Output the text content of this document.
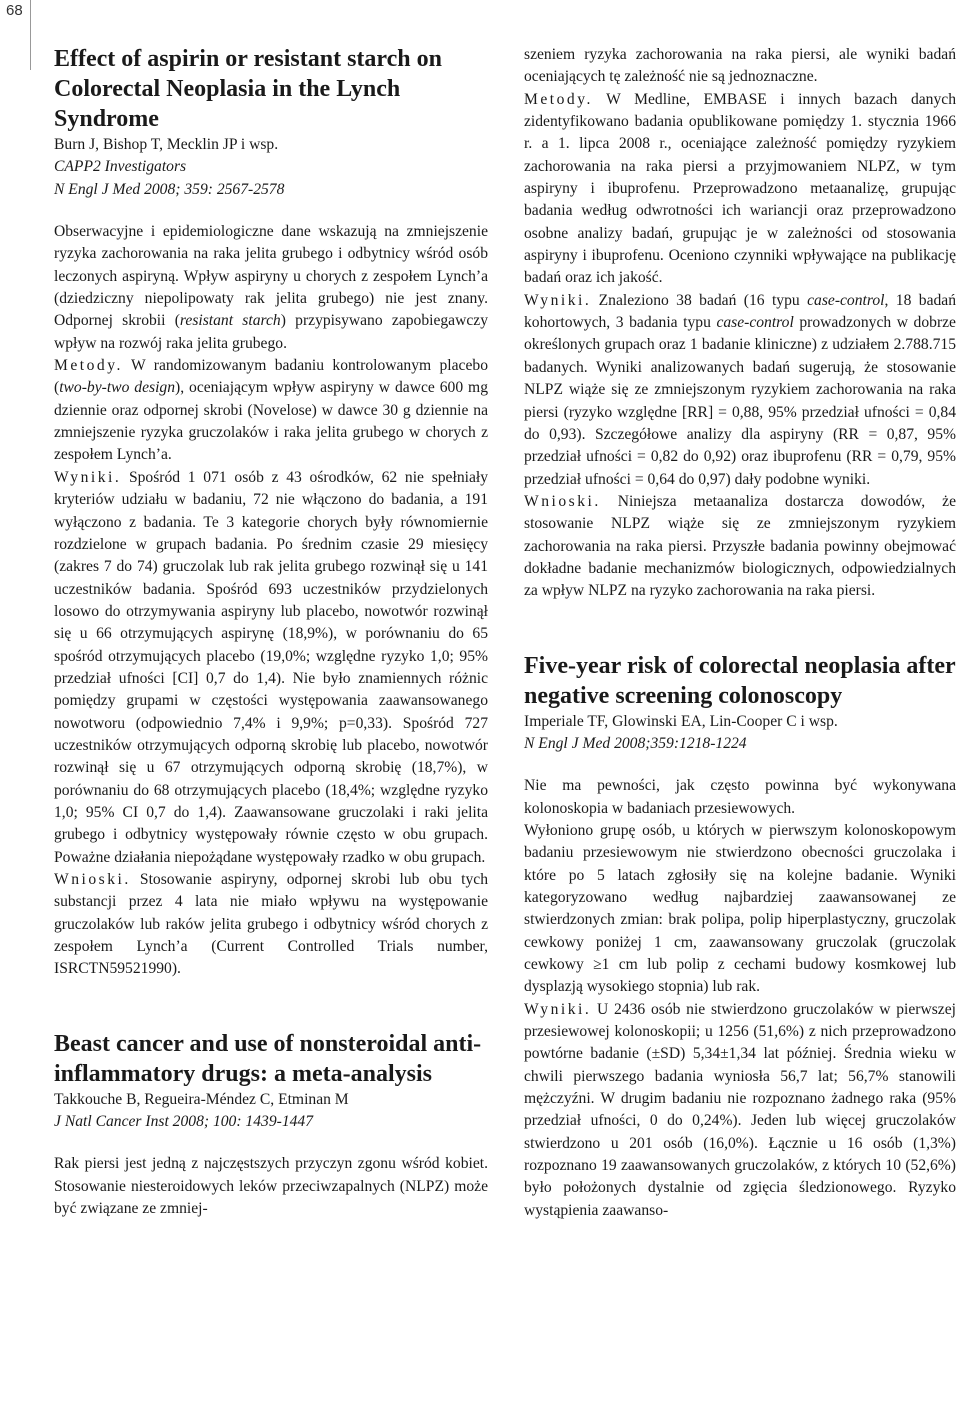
68
Effect of aspirin or resistant starch on Colorectal Neoplasia in the Lynch Syndrome

Burn J, Bishop T, Mecklin JP i wsp.

CAPP2 Investigators

N Engl J Med 2008; 359: 2567-2578

Obserwacyjne i epidemiologiczne dane wskazują na zmniejszenie ryzyka zachorowania na raka jelita grubego i odbytnicy wśród osób leczonych aspiryną. Wpływ aspiryny u chorych z zespołem Lynch’a (dziedziczny niepolipowaty rak jelita grubego) nie jest znany. Odpornej skrobii (resistant starch) przypisywano zapobiegawczy wpływ na rozwój raka jelita grubego.

Metody. W randomizowanym badaniu kontrolowanym placebo (two-by-two design), oceniającym wpływ aspiryny w dawce 600 mg dziennie oraz odpornej skrobi (Novelose) w dawce 30 g dziennie na zmniejszenie ryzyka gruczolaków i raka jelita grubego w chorych z zespołem Lynch’a.

Wyniki. Spośród 1 071 osób z 43 ośrodków, 62 nie spełniały kryteriów udziału w badaniu, 72 nie włączono do badania, a 191 wyłączono z badania. Te 3 kategorie chorych były równomiernie rozdzielone w grupach badania. Po średnim czasie 29 miesięcy (zakres 7 do 74) gruczolak lub rak jelita grubego rozwinął się u 141 uczestników badania. Spośród 693 uczestników przydzielonych losowo do otrzymywania aspiryny lub placebo, nowotwór rozwinął się u 66 otrzymujących aspirynę (18,9%), w porównaniu do 65 spośród otrzymujących placebo (19,0%; względne ryzyko 1,0; 95% przedział ufności [CI] 0,7 do 1,4). Nie było znamiennych różnic pomiędzy grupami w częstości występowania zaawansowanego nowotworu (odpowiednio 7,4% i 9,9%; p=0,33). Spośród 727 uczestników otrzymujących odporną skrobię lub placebo, nowotwór rozwinął się u 67 otrzymujących odporną skrobię (18,7%), w porównaniu do 68 otrzymujących placebo (18,4%; względne ryzyko 1,0; 95% CI 0,7 do 1,4). Zaawansowane gruczolaki i raki jelita grubego i odbytnicy występowały równie często w obu grupach. Poważne działania niepożądane występowały rzadko w obu grupach.

Wnioski. Stosowanie aspiryny, odpornej skrobi lub obu tych substancji przez 4 lata nie miało wpływu na występowanie gruczolaków lub raków jelita grubego i odbytnicy wśród chorych z zespołem Lynch’a (Current Controlled Trials number, ISRCTN59521990).

Beast cancer and use of nonsteroidal anti-inflammatory drugs: a meta-analysis

Takkouche B, Regueira-Méndez C, Etminan M

J Natl Cancer Inst 2008; 100: 1439-1447

Rak piersi jest jedną z najczęstszych przyczyn zgonu wśród kobiet. Stosowanie niesteroidowych leków przeciwzapalnych (NLPZ) może być związane ze zmniej-

szeniem ryzyka zachorowania na raka piersi, ale wyniki badań oceniających tę zależność nie są jednoznaczne.

Metody. W Medline, EMBASE i innych bazach danych zidentyfikowano badania opublikowane pomiędzy 1. stycznia 1966 r. a 1. lipca 2008 r., oceniające zależność pomiędzy ryzykiem zachorowania na raka piersi a przyjmowaniem NLPZ, w tym aspiryny i ibuprofenu. Przeprowadzono metaanalizę, grupując badania według odwrotności ich wariancji oraz przeprowadzono osobne analizy badań, grupując je w zależności od stosowania aspiryny i ibuprofenu. Oceniono czynniki wpływające na publikację badań oraz ich jakość.

Wyniki. Znaleziono 38 badań (16 typu case-control, 18 badań kohortowych, 3 badania typu case-control prowadzonych w dobrze określonych grupach oraz 1 badanie kliniczne) z udziałem 2.788.715 badanych. Wyniki analizowanych badań sugerują, że stosowanie NLPZ wiąże się ze zmniejszonym ryzykiem zachorowania na raka piersi (ryzyko względne [RR] = 0,88, 95% przedział ufności = 0,84 do 0,93). Szczegółowe analizy dla aspiryny (RR = 0,87, 95% przedział ufności = 0,82 do 0,92) oraz ibuprofenu (RR = 0,79, 95% przedział ufności = 0,64 do 0,97) dały podobne wyniki.

Wnioski. Niniejsza metaanaliza dostarcza dowodów, że stosowanie NLPZ wiąże się ze zmniejszonym ryzykiem zachorowania na raka piersi. Przyszłe badania powinny obejmować dokładne badanie mechanizmów biologicznych, odpowiedzialnych za wpływ NLPZ na ryzyko zachorowania na raka piersi.

Five-year risk of colorectal neoplasia after negative screening colonoscopy

Imperiale TF, Glowinski EA, Lin-Cooper C i wsp.

N Engl J Med 2008;359:1218-1224

Nie ma pewności, jak często powinna być wykonywana kolonoskopia w badaniach przesiewowych.

Wyłoniono grupę osób, u których w pierwszym kolonoskopowym badaniu przesiewowym nie stwierdzono obecności gruczolaka i które po 5 latach zgłosiły się na kolejne badanie. Wyniki kategoryzowano według najbardziej zaawansowanej ze stwierdzonych zmian: brak polipa, polip hiperplastyczny, gruczolak cewkowy poniżej 1 cm, zaawansowany gruczolak (gruczolak cewkowy ≥1 cm lub polip z cechami budowy kosmkowej lub dysplazją wysokiego stopnia) lub rak.

Wyniki. U 2436 osób nie stwierdzono gruczolaków w pierwszej przesiewowej kolonoskopii; u 1256 (51,6%) z nich przeprowadzono powtórne badanie (±SD) 5,34±1,34 lat później. Średnia wieku w chwili pierwszego badania wyniosła 56,7 lat; 56,7% stanowili mężczyźni. W drugim badaniu nie rozpoznano żadnego raka (95% przedział ufności, 0 do 0,24%). Jeden lub więcej gruczolaków stwierdzono u 201 osób (16,0%). Łącznie u 16 osób (1,3%) rozpoznano 19 zaawansowanych gruczolaków, z których 10 (52,6%) było położonych dystalnie od zgięcia śledzionowego. Ryzyko wystąpienia zaawanso-
